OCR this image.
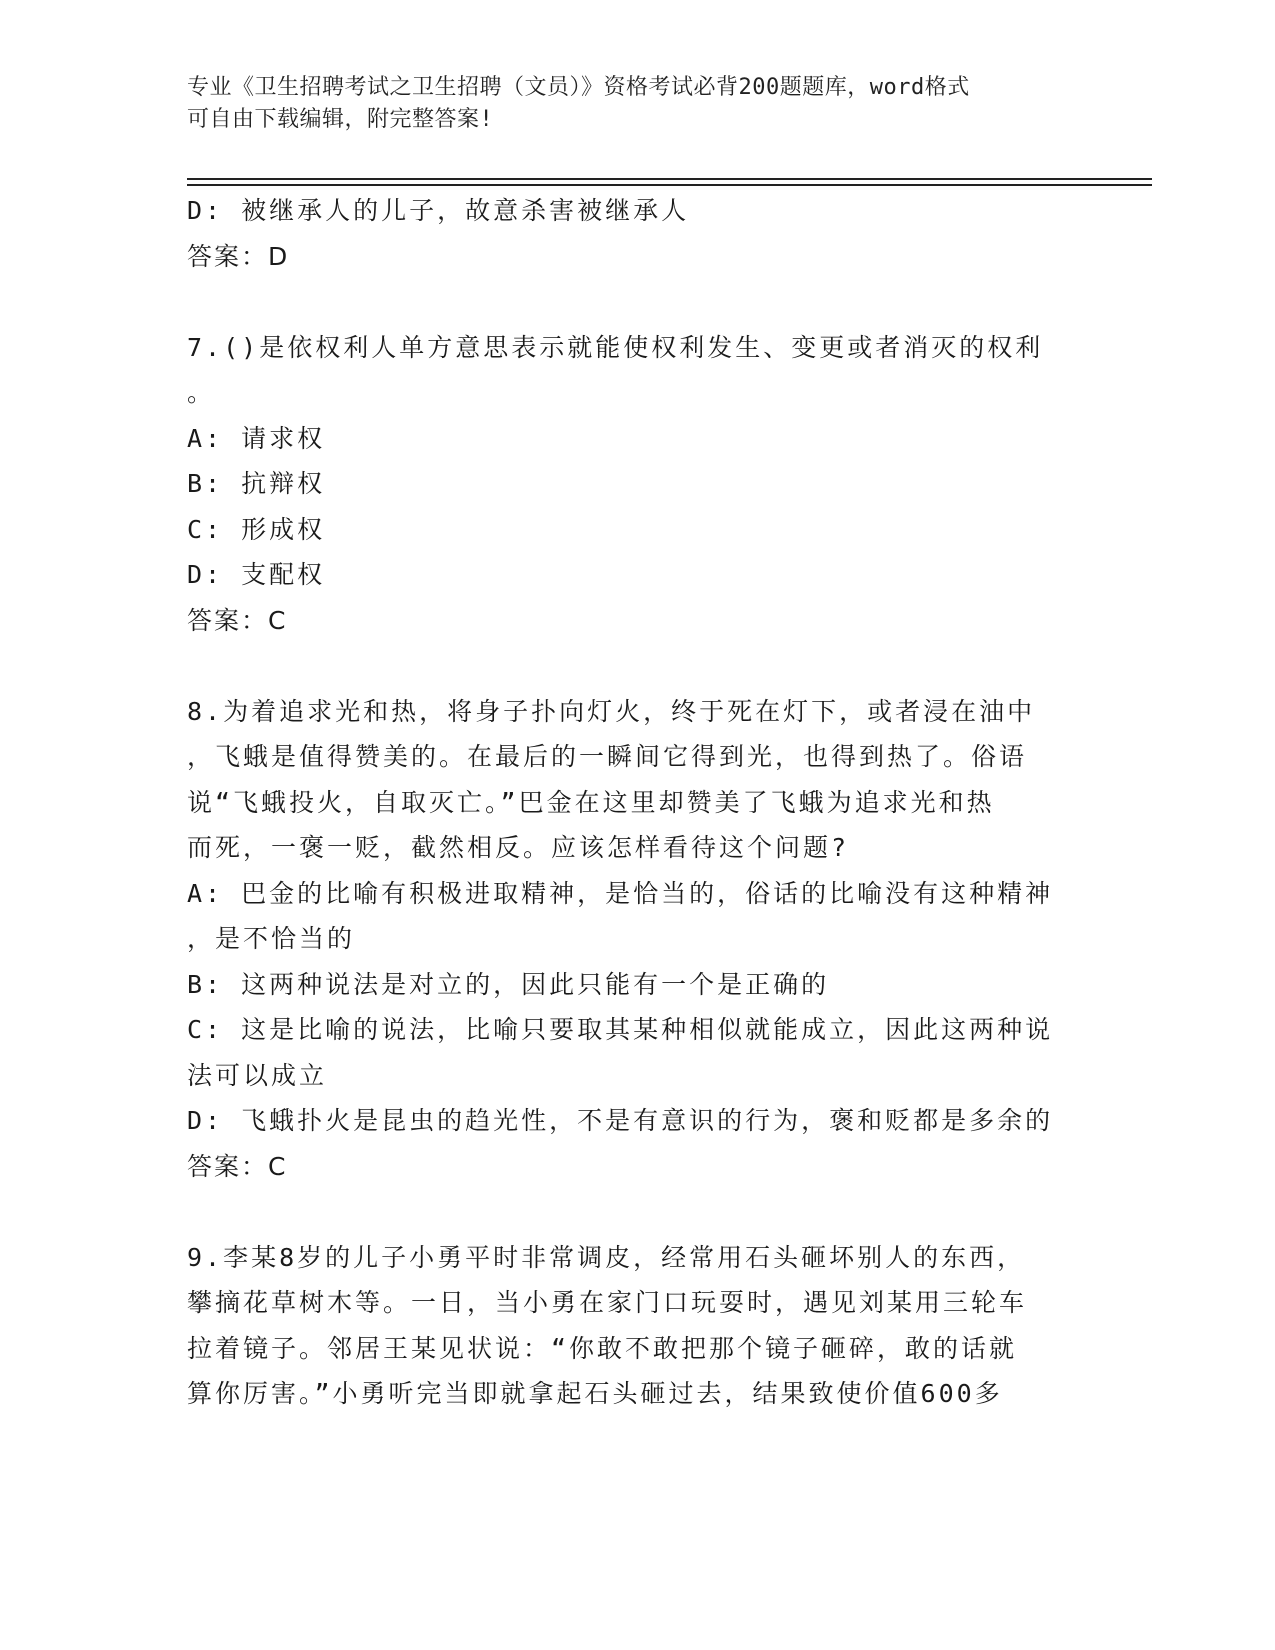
专业《卫生招聘考试之卫生招聘（文员）》资格考试必背200题题库，word格式
可自由下载编辑，附完整答案!
D: 被继承人的儿子，故意杀害被继承人
答案：D
7.()是依权利人单方意思表示就能使权利发生、变更或者消灭的权利
。
A: 请求权
B: 抗辩权
C: 形成权
D: 支配权
答案：C
8.为着追求光和热，将身子扑向灯火，终于死在灯下，或者浸在油中
，飞蛾是值得赞美的。在最后的一瞬间它得到光，也得到热了。俗语
说“飞蛾投火，自取灭亡。”巴金在这里却赞美了飞蛾为追求光和热
而死，一褒一贬，截然相反。应该怎样看待这个问题?
A: 巴金的比喻有积极进取精神，是恰当的，俗话的比喻没有这种精神
，是不恰当的
B: 这两种说法是对立的，因此只能有一个是正确的
C: 这是比喻的说法，比喻只要取其某种相似就能成立，因此这两种说
法可以成立
D: 飞蛾扑火是昆虫的趋光性，不是有意识的行为，褒和贬都是多余的
答案：C
9.李某8岁的儿子小勇平时非常调皮，经常用石头砸坏别人的东西，
攀摘花草树木等。一日，当小勇在家门口玩耍时，遇见刘某用三轮车
拉着镜子。邻居王某见状说：“你敢不敢把那个镜子砸碎，敢的话就
算你厉害。”小勇听完当即就拿起石头砸过去，结果致使价值600多
